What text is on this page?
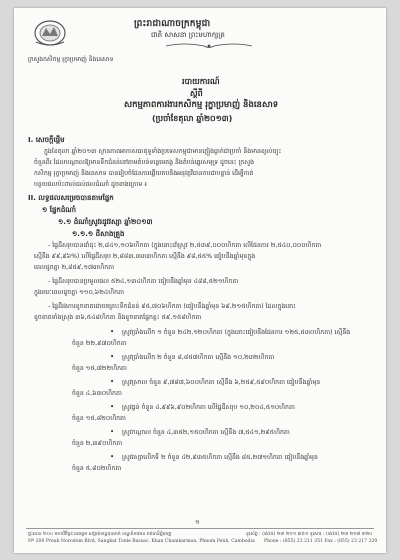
ព្រះរាជាណាចក្រកម្ពុជា
ជាតិ សាសនា ព្រះមហាក្សត្រ
ក្រសួងកសិកម្ម រុក្ខាប្រមាញ់ និងនេសាទ
របាយការណ៍
ស្តីពី
សកម្មភាពការងារកសិកម្ម រុក្ខាប្រមាញ់ និងនេសាទ
(ប្រចាំខែតុលា ឆ្នាំ២០១៣)
I. សេចក្តីផ្តើម
ក្នុងខែតុលា ឆ្នាំ២០១៣ ស្ថានភាពអាកាសធាតុទូទាំងប្រទេសកម្ពុជាមានភ្លៀងធ្លាក់ជាប្រចាំ និងមានខ្យល់ព្យុះ
ចំនួនពីរ ដែលបណ្តាលឱ្យមានទឹកជំនន់នៅតាមតំបន់ទន្លេមេគង្គ និងតំបន់ឆ្នេរសមុទ្រ ដូចនេះ ក្រសួង
កសិកម្ម រុក្ខាប្រមាញ់ និងនេសាទ បានរៀបចំផែនការឆ្លើយតបនិងអនុវត្តវិធានការជាបន្ទាន់ ដើម្បីកាត់
បន្ថយផលប៉ះពាល់ដល់ផលដំណាំ ដូចខាងក្រោម ៖
II. លទ្ធផលសម្រេចបានតាមផ្នែក
១ ផ្នែកដំណាំ
១.១ ដំណាំស្រូវរដូវវស្សា ឆ្នាំ២០១៣
១.១.១ ដីសាងគ្រួង
- ផ្ទៃដីសរុបបានដាំដុះ ២,៨៤១,១០៦ហិកតា (ក្នុងនោះដាំស្រូវ ២,៥៣៩,០០០ហិកតា លើផែនការ ២,៥៤០,០០០ហិកតា
ស្មើនឹង ៩៩,៩៦%) លើផ្ទៃដីសរុប ២,៨៨៣,៣៣៣ហិកតា ស្មើនឹង ៩៨,៥៥% ធៀបនឹងឆ្នាំមុនក្នុង
ពេលដូចគ្នា ២,៨៥៩,១៧៣ហិកតា
- ផ្ទៃដីសរុបបានប្រមូលផល ៥២៤,១៣៤ហិកតា ធៀបនឹងឆ្នាំមុន ៤៨៨,៥២១ហិកតា
ក្នុងរយៈពេលដូចគ្នា ១១០,៦២៤ហិកតា
- ផ្ទៃដីរងការខូចខាតដោយគ្រោះទឹកជំនន់ ៩៥,៧០៦ហិកតា (ធៀបនឹងឆ្នាំមុន ៦៩,២១៥ហិកតា) ដែលក្នុងនោះ
ខូចខាតទាំងស្រុង ៣៦,៥៤៨ហិកតា និងខូចខាតផ្នែកខ្លះ ៥៩,១៥៨ហិកតា
• ស្រូវប្រាំងលើក ១ ចំនួន ២៤២,១២០ហិកតា (ក្នុងនោះធៀបនឹងផែនការ ១២៥,៥៣០ហិកតា) ស្មើនឹង
ចំនួន ២២,៩៧០ហិកតា
• ស្រូវប្រាំងលើក ២ ចំនួន ៨,៨៥៧ហិកតា ស្មើនឹង ១០,២៣២ហិកតា
ចំនួន ១៥,៧២២ហិកតា
• ស្រូវស្រាល ចំនួន ៩,៧៨៧,៦០០ហិកតា ស្មើនឹង ៦,២៥៩,៥៩០ហិកតា ធៀបនឹងឆ្នាំមុន
ចំនួន ៤,៦៣០ហិកតា
• ស្រូវធ្ងន់ ចំនួន ៤,៩៩៦,៩០២ហិកតា លើផ្ទៃដីសរុប ១០,២០៤,៥១០ហិកតា
ចំនួន ១៥,៨២០ហិកតា
• ស្រូវកណ្តាល ចំនួន ៤,៣៥២,១៥០ហិកតា ស្មើនឹង ៧,៥៤១,២៩៥ហិកតា
ចំនួន ២,៣៩០ហិកតា
• ស្រូវវស្សាលើកទី ២ ចំនួន ៤២,៩៣៥ហិកតា ស្មើនឹង ៨៥,២៧១ហិកតា ធៀបនឹងឆ្នាំមុន
ចំនួន ៥,៨០២ហិកតា
១
ផ្ទះលេខ ២០០ មហាវិថីព្រះនរោត្តម សង្កាត់ទន្លេបាសាក់ ខណ្ឌចំការមន រាជធានីភ្នំពេញ
Nº 200 Preah Norodom Blvd, Sangkat Tonle Bassac, Khan Chamkarmon, Phnom Penh, Cambodia
ទូរស័ព្ទ : (៨៥៥) ២៣ ២១១ ៣៥១ ទូរសារ : (៨៥៥) ២៣ ២១៧ ៣២០
Phone : (855) 23 211 351 Fax : (855) 23 217 320
